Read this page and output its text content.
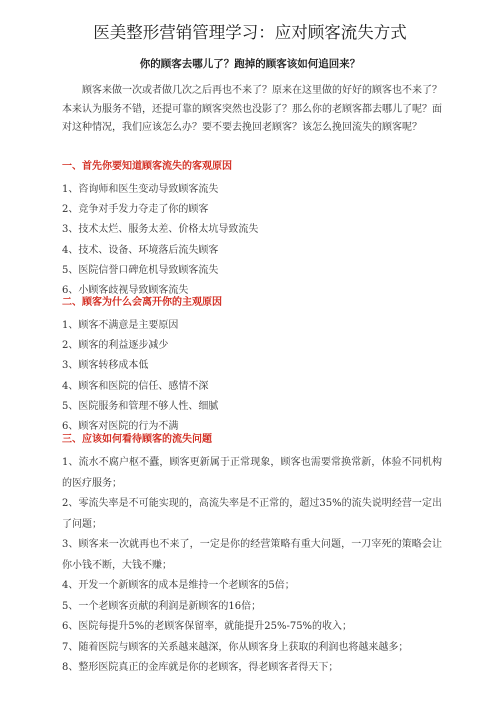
医美整形营销管理学习：应对顾客流失方式
你的顾客去哪儿了？跑掉的顾客该如何追回来？

顾客来做一次或者做几次之后再也不来了？原来在这里做的好好的顾客也不来了？本来认为服务不错，还提可靠的顾客突然也没影了？那么你的老顾客都去哪儿了呢？面对这种情况，我们应该怎么办？要不要去挽回老顾客？该怎么挽回流失的顾客呢？

一、首先你要知道顾客流失的客观原因

1、咨询师和医生变动导致顾客流失

2、竞争对手发力夺走了你的顾客

3、技术太烂、服务太差、价格太坑导致流失

4、技术、设备、环境落后流失顾客

5、医院信誉口碑危机导致顾客流失

6、小顾客歧视导致顾客流失

二、顾客为什么会离开你的主观原因

1、顾客不满意是主要原因

2、顾客的利益逐步减少

3、顾客转移成本低

4、顾客和医院的信任、感情不深

5、医院服务和管理不够人性、细腻

6、顾客对医院的行为不满

三、应该如何看待顾客的流失问题

1、流水不腐户枢不蠹，顾客更新属于正常现象，顾客也需要常换常新，体验不同机构的医疗服务；

2、零流失率是不可能实现的，高流失率是不正常的，超过35%的流失说明经营一定出了问题；

3、顾客来一次就再也不来了，一定是你的经营策略有重大问题，一刀宰死的策略会让你小钱不断，大钱不赚；

4、开发一个新顾客的成本是维持一个老顾客的5倍；

5、一个老顾客贡献的利润是新顾客的16倍；

6、医院每提升5%的老顾客保留率，就能提升25%-75%的收入；

7、随着医院与顾客的关系越来越深，你从顾客身上获取的利润也将越来越多；

8、整形医院真正的金库就是你的老顾客，得老顾客者得天下；
